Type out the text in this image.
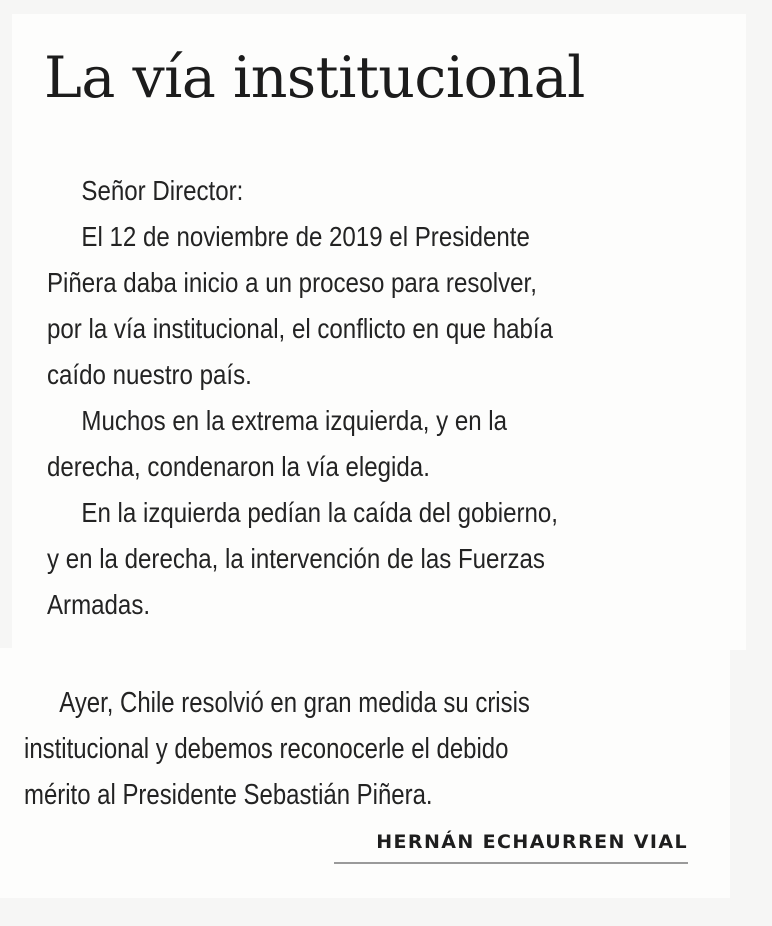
La vía institucional
Señor Director:
El 12 de noviembre de 2019 el Presidente
Piñera daba inicio a un proceso para resolver,
por la vía institucional, el conflicto en que había
caído nuestro país.
Muchos en la extrema izquierda, y en la
derecha, condenaron la vía elegida.
En la izquierda pedían la caída del gobierno,
y en la derecha, la intervención de las Fuerzas
Armadas.
Ayer, Chile resolvió en gran medida su crisis
institucional y debemos reconocerle el debido
mérito al Presidente Sebastián Piñera.
HERNÁN ECHAURREN VIAL
